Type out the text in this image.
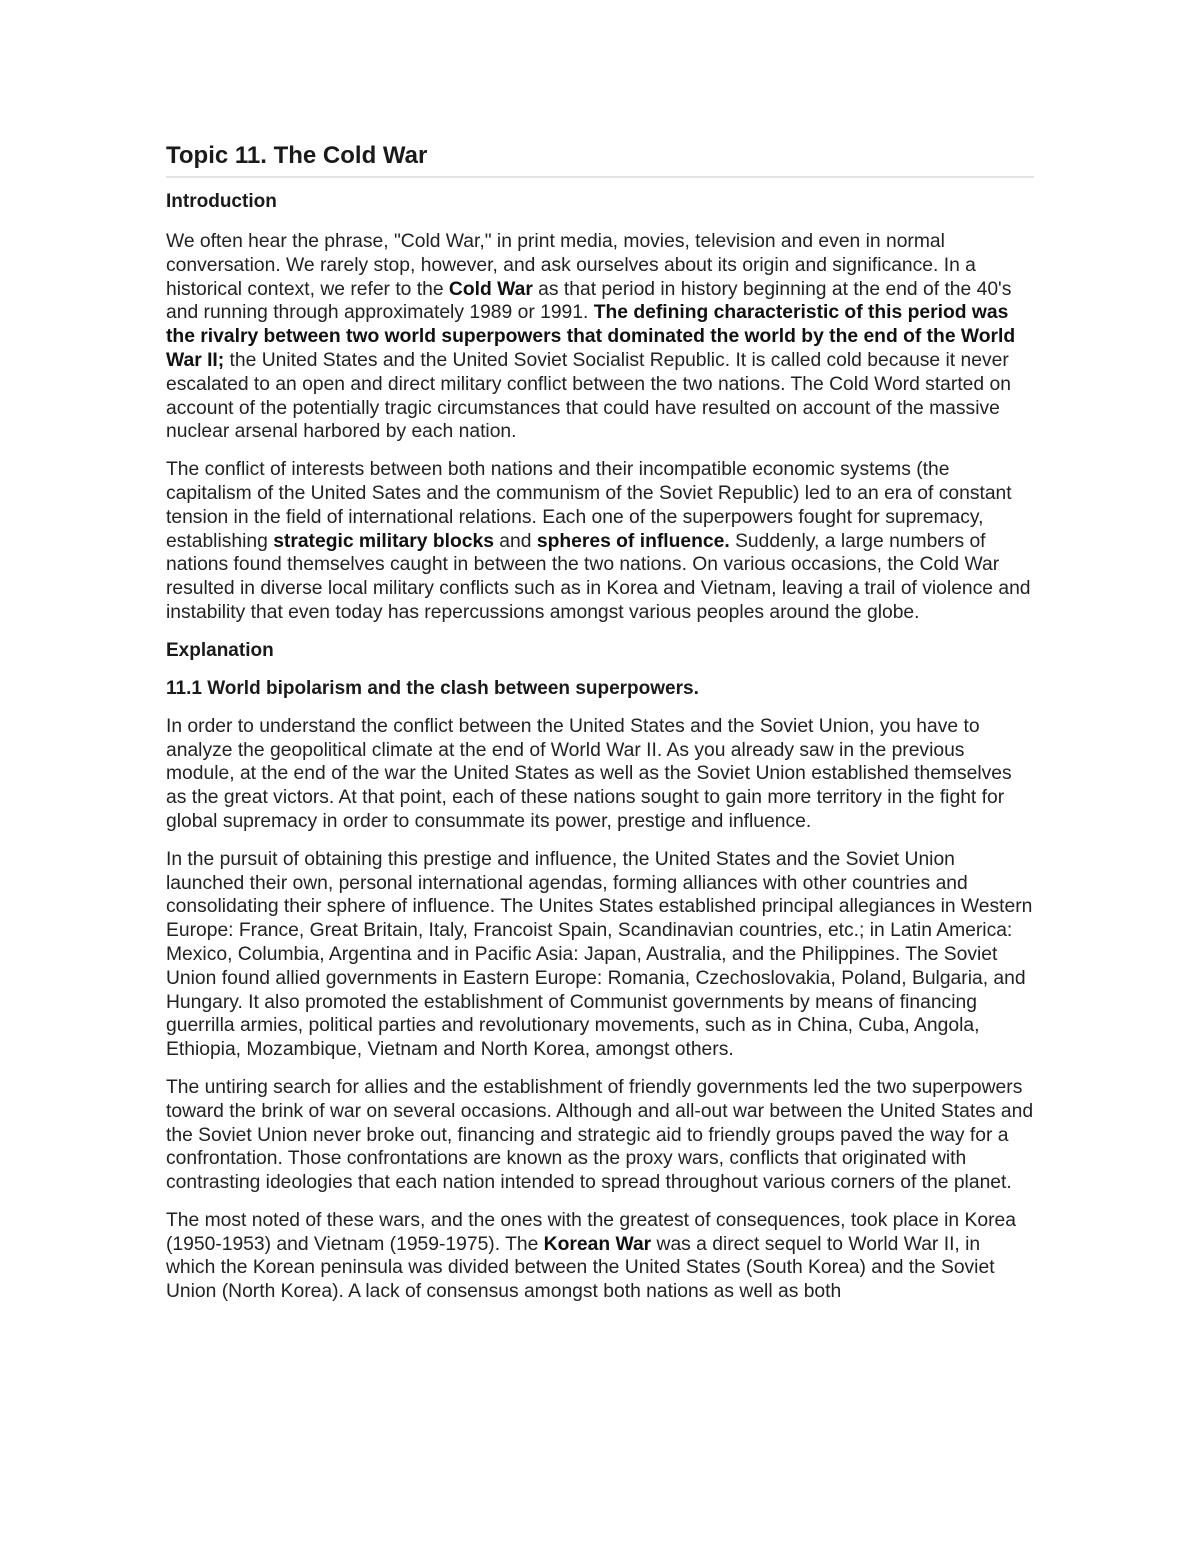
Topic 11. The Cold War
Introduction

We often hear the phrase, "Cold War," in print media, movies, television and even in normal conversation. We rarely stop, however, and ask ourselves about its origin and significance. In a historical context, we refer to the Cold War as that period in history beginning at the end of the 40's and running through approximately 1989 or 1991. The defining characteristic of this period was the rivalry between two world superpowers that dominated the world by the end of the World War II; the United States and the United Soviet Socialist Republic. It is called cold because it never escalated to an open and direct military conflict between the two nations. The Cold Word started on account of the potentially tragic circumstances that could have resulted on account of the massive nuclear arsenal harbored by each nation.

The conflict of interests between both nations and their incompatible economic systems (the capitalism of the United Sates and the communism of the Soviet Republic) led to an era of constant tension in the field of international relations. Each one of the superpowers fought for supremacy, establishing strategic military blocks and spheres of influence. Suddenly, a large numbers of nations found themselves caught in between the two nations. On various occasions, the Cold War resulted in diverse local military conflicts such as in Korea and Vietnam, leaving a trail of violence and instability that even today has repercussions amongst various peoples around the globe.

Explanation
11.1 World bipolarism and the clash between superpowers.

In order to understand the conflict between the United States and the Soviet Union, you have to analyze the geopolitical climate at the end of World War II. As you already saw in the previous module, at the end of the war the United States as well as the Soviet Union established themselves as the great victors. At that point, each of these nations sought to gain more territory in the fight for global supremacy in order to consummate its power, prestige and influence.

In the pursuit of obtaining this prestige and influence, the United States and the Soviet Union launched their own, personal international agendas, forming alliances with other countries and consolidating their sphere of influence. The Unites States established principal allegiances in Western Europe: France, Great Britain, Italy, Francoist Spain, Scandinavian countries, etc.; in Latin America: Mexico, Columbia, Argentina and in Pacific Asia: Japan, Australia, and the Philippines. The Soviet Union found allied governments in Eastern Europe: Romania, Czechoslovakia, Poland, Bulgaria, and Hungary. It also promoted the establishment of Communist governments by means of financing guerrilla armies, political parties and revolutionary movements, such as in China, Cuba, Angola, Ethiopia, Mozambique, Vietnam and North Korea, amongst others.

The untiring search for allies and the establishment of friendly governments led the two superpowers toward the brink of war on several occasions. Although and all-out war between the United States and the Soviet Union never broke out, financing and strategic aid to friendly groups paved the way for a confrontation. Those confrontations are known as the proxy wars, conflicts that originated with contrasting ideologies that each nation intended to spread throughout various corners of the planet.

The most noted of these wars, and the ones with the greatest of consequences, took place in Korea (1950-1953) and Vietnam (1959-1975). The Korean War was a direct sequel to World War II, in which the Korean peninsula was divided between the United States (South Korea) and the Soviet Union (North Korea). A lack of consensus amongst both nations as well as both
